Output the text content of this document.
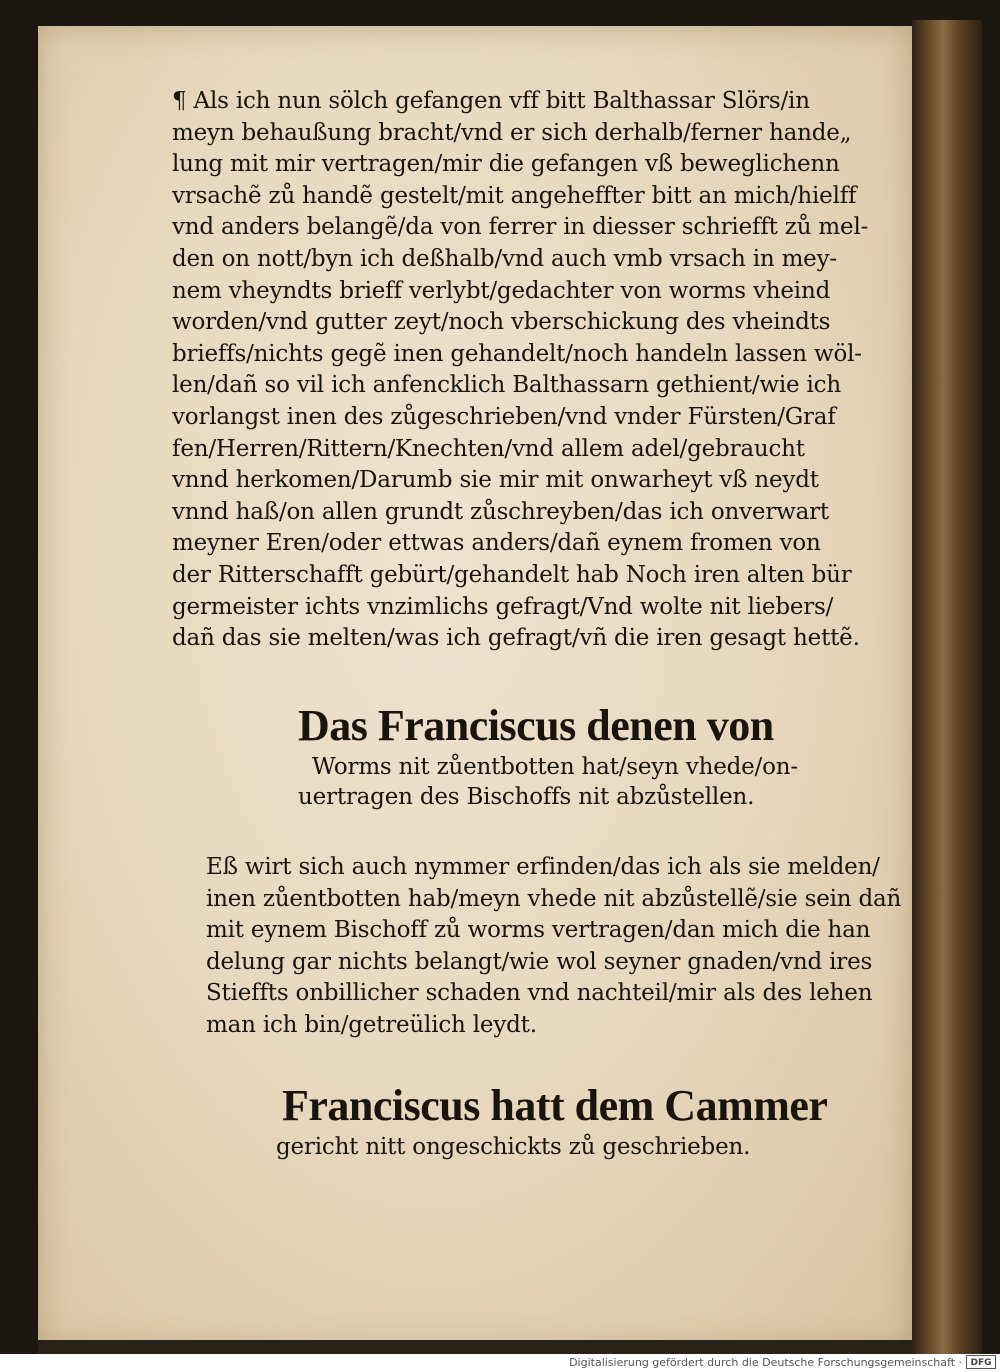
¶ Als ich nun sölch gefangen vff bitt Balthassar Slörs/in
meyn behaußung bracht/vnd er sich derhalb/ferner hande„
lung mit mir vertragen/mir die gefangen vß beweglichenn
vrsachẽ zů handẽ gestelt/mit angeheffter bitt an mich/hielff
vnd anders belangẽ/da von ferrer in diesser schriefft zů mel‐
den on nott/byn ich deßhalb/vnd auch vmb vrsach in mey‐
nem vheyndts brieff verlybt/gedachter von worms vheind
worden/vnd gutter zeyt/noch vberschickung des vheindts
brieffs/nichts gegẽ inen gehandelt/noch handeln lassen wöl‐
len/dañ so vil ich anfencklich Balthassarn gethient/wie ich
vorlangst inen des zůgeschrieben/vnd vnder Fürsten/Graf
fen/Herren/Rittern/Knechten/vnd allem adel/gebraucht
vnnd herkomen/Darumb sie mir mit onwarheyt vß neydt
vnnd haß/on allen grundt zůschreyben/das ich onverwart
meyner Eren/oder ettwas anders/dañ eynem fromen von
der Ritterschafft gebürt/gehandelt hab Noch iren alten bür
germeister ichts vnzimlichs gefragt/Vnd wolte nit liebers/
dañ das sie melten/was ich gefragt/vñ die iren gesagt hettẽ.

Das Franciscus denen von

Worms nit zůentbotten hat/seyn vhede/on‐
uertragen des Bischoffs nit abzůstellen.

Eß wirt sich auch nymmer erfinden/das ich als sie melden/
inen zůentbotten hab/meyn vhede nit abzůstellẽ/sie sein dañ
mit eynem Bischoff zů worms vertragen/dan mich die han
delung gar nichts belangt/wie wol seyner gnaden/vnd ires
Stieffts onbillicher schaden vnd nachteil/mir als des lehen
man ich bin/getreülich leydt.

Franciscus hatt dem Cammer

gericht nitt ongeschickts zů geschrieben.

Digitalisierung gefördert durch die Deutsche Forschungsgemeinschaft · DFG
